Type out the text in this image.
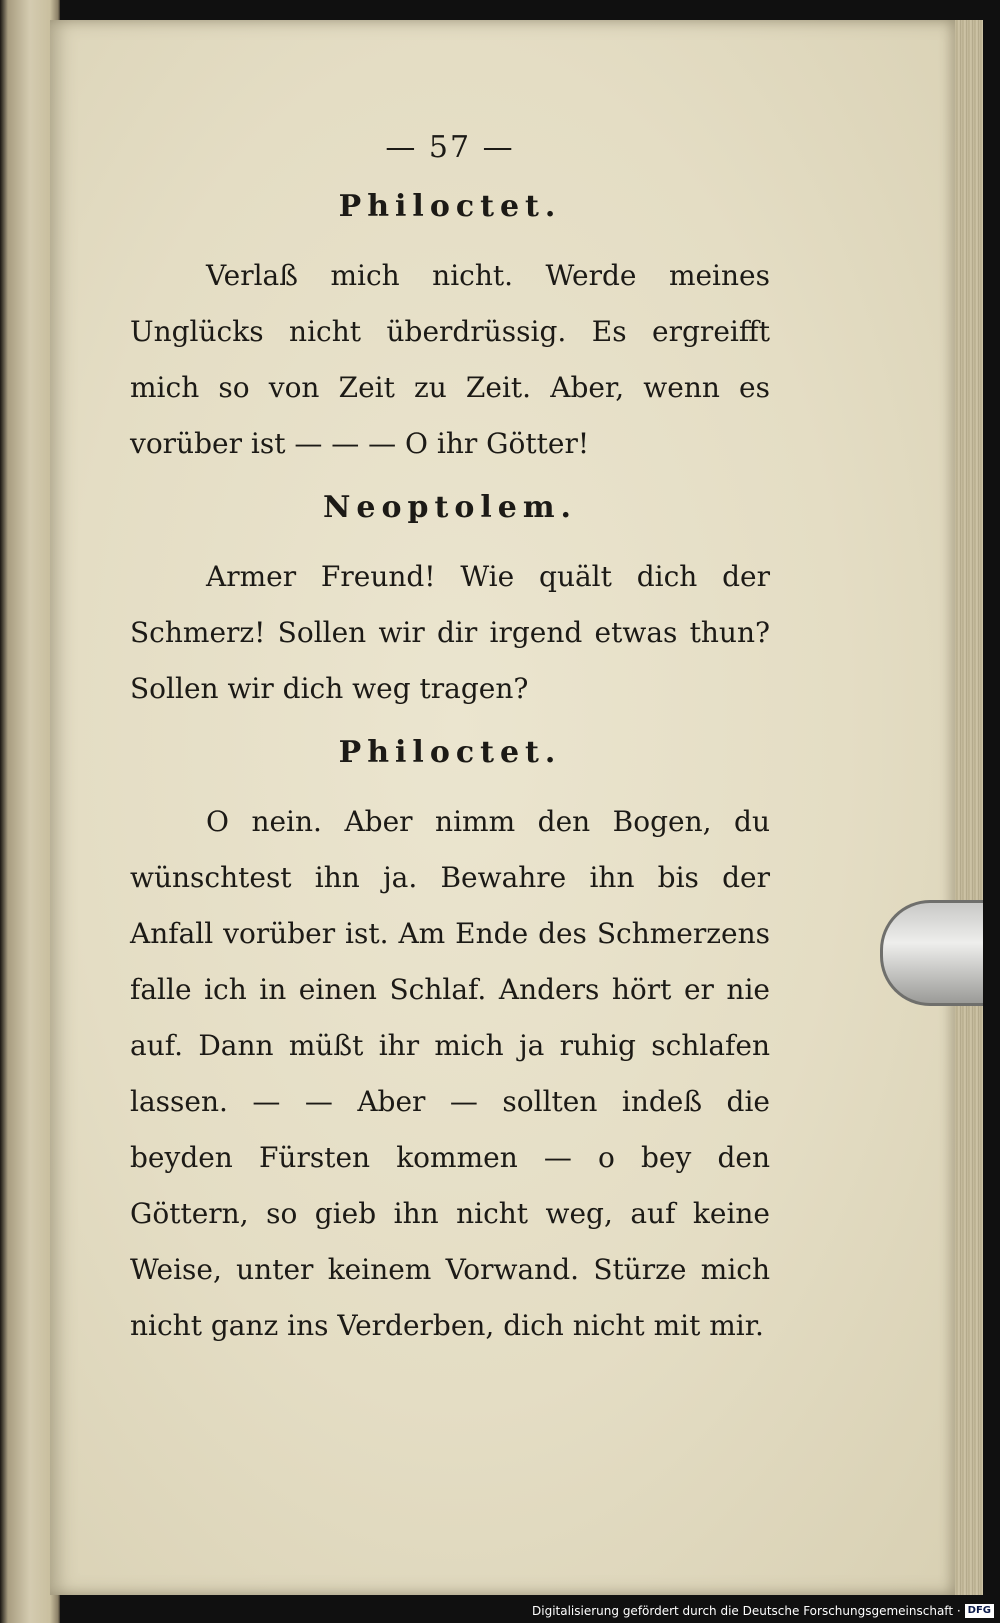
— 57 —
Philoctet.

Verlaß mich nicht. Werde meines Unglücks nicht überdrüssig. Es ergreifft mich so von Zeit zu Zeit. Aber, wenn es vorüber ist — — — O ihr Götter!

Neoptolem.

Armer Freund! Wie quält dich der Schmerz! Sollen wir dir irgend etwas thun? Sollen wir dich weg tragen?

Philoctet.

O nein. Aber nimm den Bogen, du wünschtest ihn ja. Bewahre ihn bis der Anfall vorüber ist. Am Ende des Schmerzens falle ich in einen Schlaf. Anders hört er nie auf. Dann müßt ihr mich ja ruhig schlafen lassen. — — Aber — sollten indeß die beyden Fürsten kommen — o bey den Göttern, so gieb ihn nicht weg, auf keine Weise, unter keinem Vorwand. Stürze mich nicht ganz ins Verderben, dich nicht mit mir.

Digitalisierung gefördert durch die Deutsche Forschungsgemeinschaft · DFG
